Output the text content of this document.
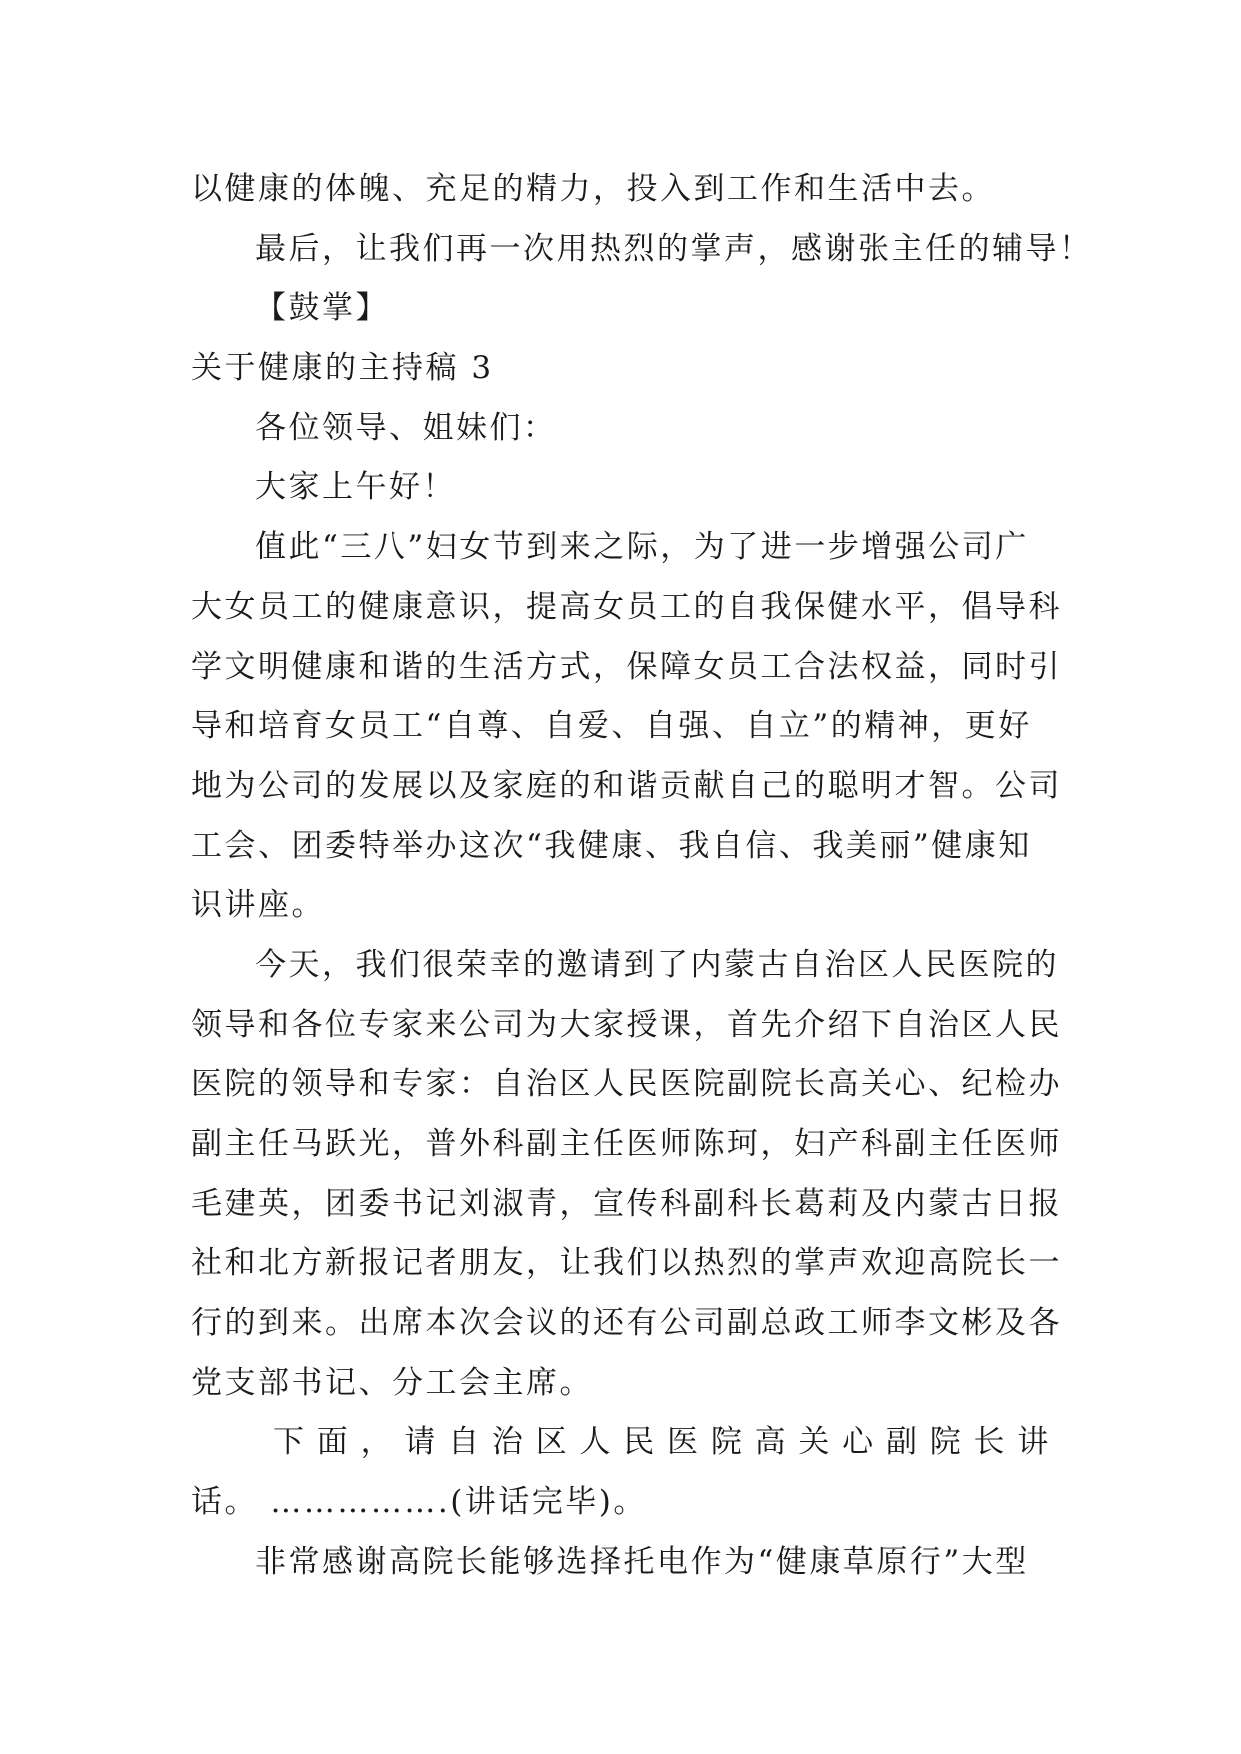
以健康的体魄、充足的精力，投入到工作和生活中去。
最后，让我们再一次用热烈的掌声，感谢张主任的辅导！
【鼓掌】
关于健康的主持稿 3
各位领导、姐妹们：
大家上午好！
值此“三八”妇女节到来之际，为了进一步增强公司广
大女员工的健康意识，提高女员工的自我保健水平，倡导科
学文明健康和谐的生活方式，保障女员工合法权益，同时引
导和培育女员工“自尊、自爱、自强、自立”的精神，更好
地为公司的发展以及家庭的和谐贡献自己的聪明才智。公司
工会、团委特举办这次“我健康、我自信、我美丽”健康知
识讲座。
今天，我们很荣幸的邀请到了内蒙古自治区人民医院的
领导和各位专家来公司为大家授课，首先介绍下自治区人民
医院的领导和专家：自治区人民医院副院长高关心、纪检办
副主任马跃光，普外科副主任医师陈珂，妇产科副主任医师
毛建英，团委书记刘淑青，宣传科副科长葛莉及内蒙古日报
社和北方新报记者朋友，让我们以热烈的掌声欢迎高院长一
行的到来。出席本次会议的还有公司副总政工师李文彬及各
党支部书记、分工会主席。
下 面 ， 请 自 治 区 人 民 医 院 高 关 心 副 院 长 讲
话。 …………….(讲话完毕)。
非常感谢高院长能够选择托电作为“健康草原行”大型
